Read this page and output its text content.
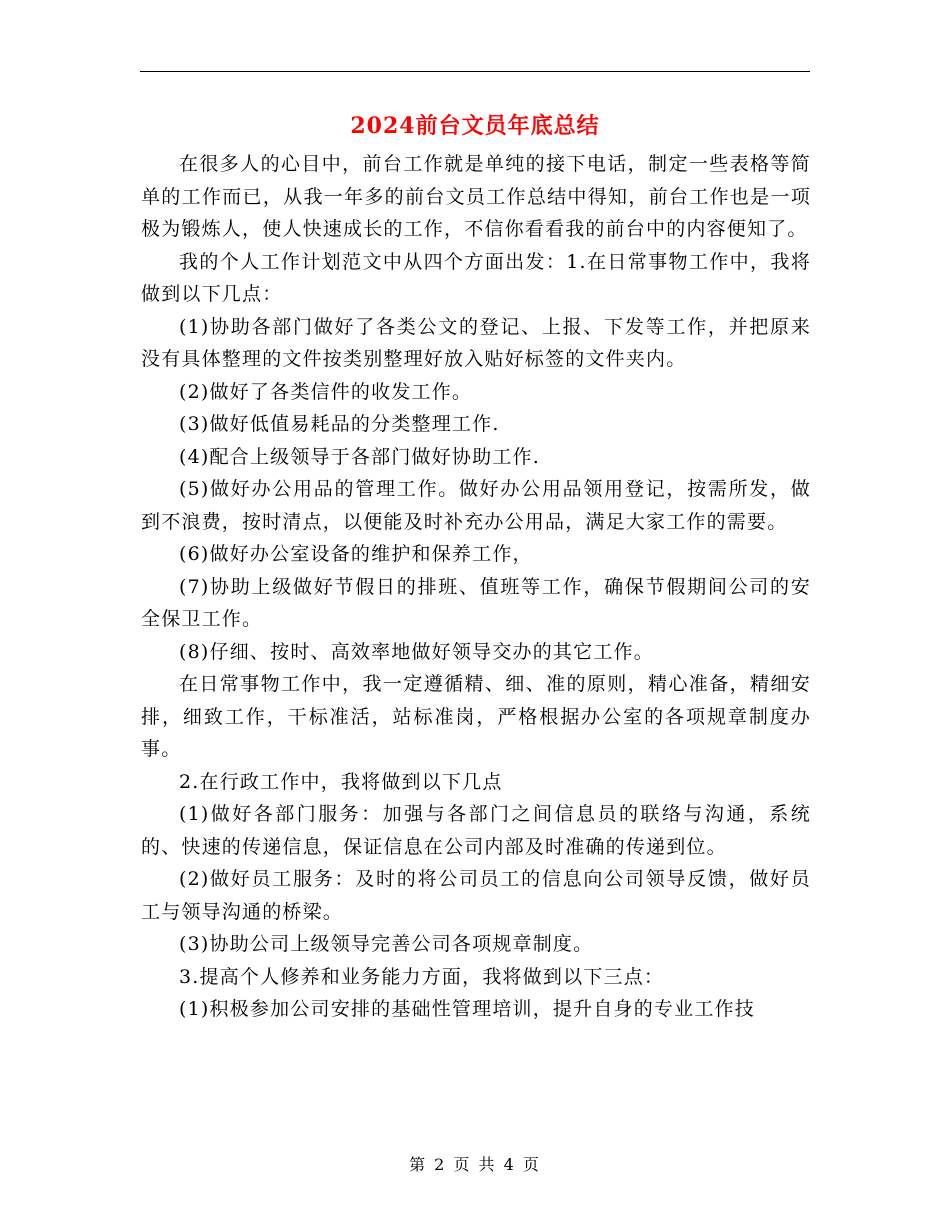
2024前台文员年底总结

在很多人的心目中，前台工作就是单纯的接下电话，制定一些表格等简单的工作而已，从我一年多的前台文员工作总结中得知，前台工作也是一项极为锻炼人，使人快速成长的工作，不信你看看我的前台中的内容便知了。

我的个人工作计划范文中从四个方面出发：1.在日常事物工作中，我将做到以下几点：

(1)协助各部门做好了各类公文的登记、上报、下发等工作，并把原来没有具体整理的文件按类别整理好放入贴好标签的文件夹内。

(2)做好了各类信件的收发工作。

(3)做好低值易耗品的分类整理工作.

(4)配合上级领导于各部门做好协助工作.

(5)做好办公用品的管理工作。做好办公用品领用登记，按需所发，做到不浪费，按时清点，以便能及时补充办公用品，满足大家工作的需要。

(6)做好办公室设备的维护和保养工作，

(7)协助上级做好节假日的排班、值班等工作，确保节假期间公司的安全保卫工作。

(8)仔细、按时、高效率地做好领导交办的其它工作。

在日常事物工作中，我一定遵循精、细、准的原则，精心准备，精细安排，细致工作，干标准活，站标准岗，严格根据办公室的各项规章制度办事。

2.在行政工作中，我将做到以下几点

(1)做好各部门服务：加强与各部门之间信息员的联络与沟通，系统的、快速的传递信息，保证信息在公司内部及时准确的传递到位。

(2)做好员工服务：及时的将公司员工的信息向公司领导反馈，做好员工与领导沟通的桥梁。

(3)协助公司上级领导完善公司各项规章制度。

3.提高个人修养和业务能力方面，我将做到以下三点：

(1)积极参加公司安排的基础性管理培训，提升自身的专业工作技

第 2 页 共 4 页
